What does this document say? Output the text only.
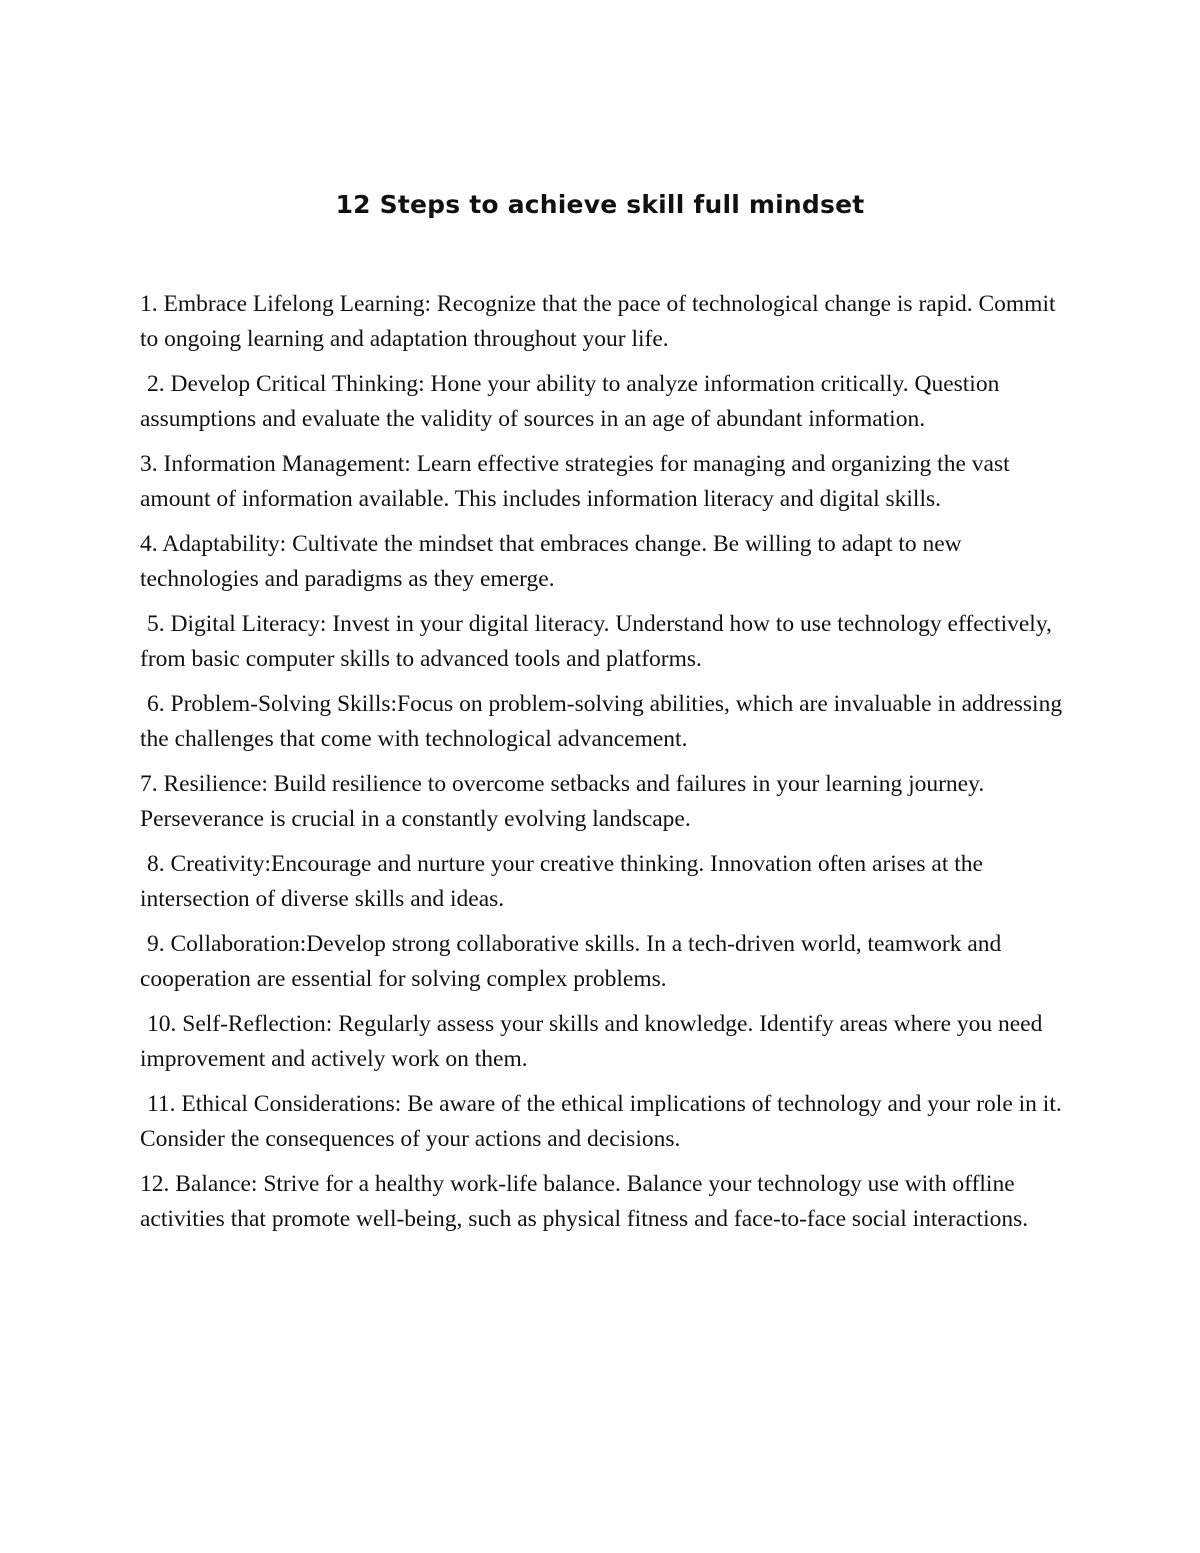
12 Steps to achieve skill full mindset
1. Embrace Lifelong Learning: Recognize that the pace of technological change is rapid. Commit to ongoing learning and adaptation throughout your life.
2. Develop Critical Thinking: Hone your ability to analyze information critically. Question assumptions and evaluate the validity of sources in an age of abundant information.
3. Information Management: Learn effective strategies for managing and organizing the vast amount of information available. This includes information literacy and digital skills.
4. Adaptability: Cultivate the mindset that embraces change. Be willing to adapt to new technologies and paradigms as they emerge.
5. Digital Literacy: Invest in your digital literacy. Understand how to use technology effectively, from basic computer skills to advanced tools and platforms.
6. Problem-Solving Skills:Focus on problem-solving abilities, which are invaluable in addressing the challenges that come with technological advancement.
7. Resilience: Build resilience to overcome setbacks and failures in your learning journey. Perseverance is crucial in a constantly evolving landscape.
8. Creativity:Encourage and nurture your creative thinking. Innovation often arises at the intersection of diverse skills and ideas.
9. Collaboration:Develop strong collaborative skills. In a tech-driven world, teamwork and cooperation are essential for solving complex problems.
10. Self-Reflection: Regularly assess your skills and knowledge. Identify areas where you need improvement and actively work on them.
11. Ethical Considerations: Be aware of the ethical implications of technology and your role in it. Consider the consequences of your actions and decisions.
12. Balance: Strive for a healthy work-life balance. Balance your technology use with offline activities that promote well-being, such as physical fitness and face-to-face social interactions.
